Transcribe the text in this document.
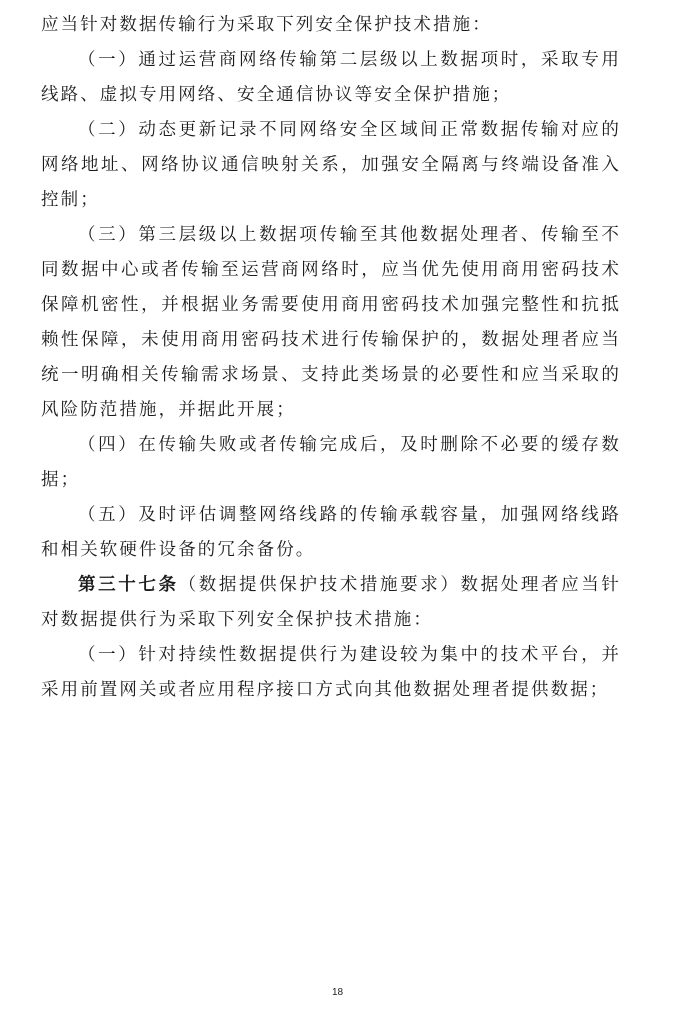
应当针对数据传输行为采取下列安全保护技术措施：

（一）通过运营商网络传输第二层级以上数据项时，采取专用线路、虚拟专用网络、安全通信协议等安全保护措施；

（二）动态更新记录不同网络安全区域间正常数据传输对应的网络地址、网络协议通信映射关系，加强安全隔离与终端设备准入控制；

（三）第三层级以上数据项传输至其他数据处理者、传输至不同数据中心或者传输至运营商网络时，应当优先使用商用密码技术保障机密性，并根据业务需要使用商用密码技术加强完整性和抗抵赖性保障，未使用商用密码技术进行传输保护的，数据处理者应当统一明确相关传输需求场景、支持此类场景的必要性和应当采取的风险防范措施，并据此开展；

（四）在传输失败或者传输完成后，及时删除不必要的缓存数据；

（五）及时评估调整网络线路的传输承载容量，加强网络线路和相关软硬件设备的冗余备份。

第三十七条（数据提供保护技术措施要求）数据处理者应当针对数据提供行为采取下列安全保护技术措施：

（一）针对持续性数据提供行为建设较为集中的技术平台，并采用前置网关或者应用程序接口方式向其他数据处理者提供数据；

18
